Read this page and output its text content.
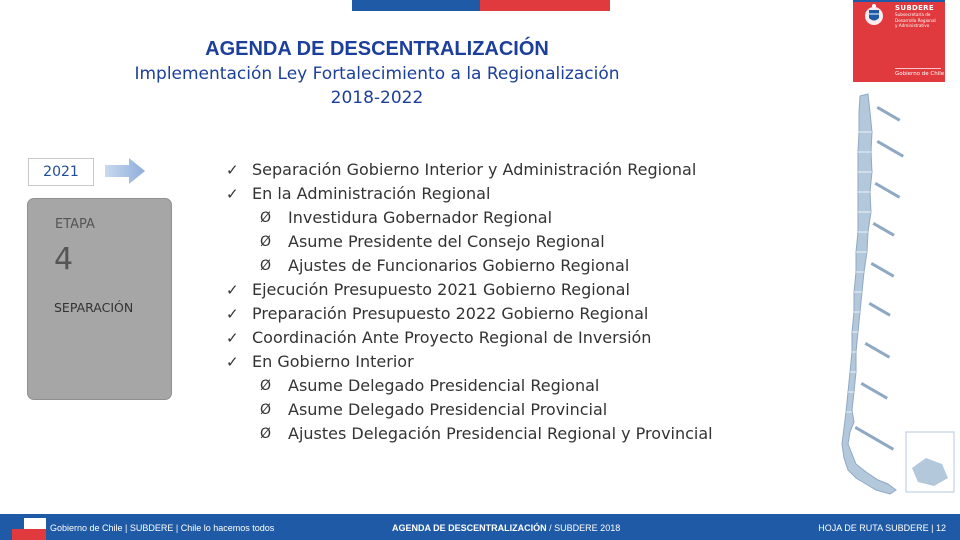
SUBDERE
Subsecretaría de
Desarrollo Regional
y Administrativo
Gobierno de Chile
AGENDA DE DESCENTRALIZACIÓN
Implementación Ley Fortalecimiento a la Regionalización
2018-2022
2021
ETAPA
4
SEPARACIÓN
✓ Separación Gobierno Interior y Administración Regional
✓ En la Administración Regional
Ø	Investidura Gobernador Regional
Ø	Asume Presidente del Consejo Regional
Ø	Ajustes de Funcionarios Gobierno Regional
✓ Ejecución Presupuesto 2021 Gobierno Regional
✓ Preparación Presupuesto 2022 Gobierno Regional
✓ Coordinación Ante Proyecto Regional de Inversión
✓ En Gobierno Interior
Ø	Asume Delegado Presidencial Regional
Ø	Asume Delegado Presidencial Provincial
Ø	Ajustes Delegación Presidencial Regional y Provincial
Gobierno de Chile | SUBDERE | Chile lo hacemos todos	AGENDA DE DESCENTRALIZACIÓN / SUBDERE 2018	HOJA DE RUTA SUBDERE | 12
